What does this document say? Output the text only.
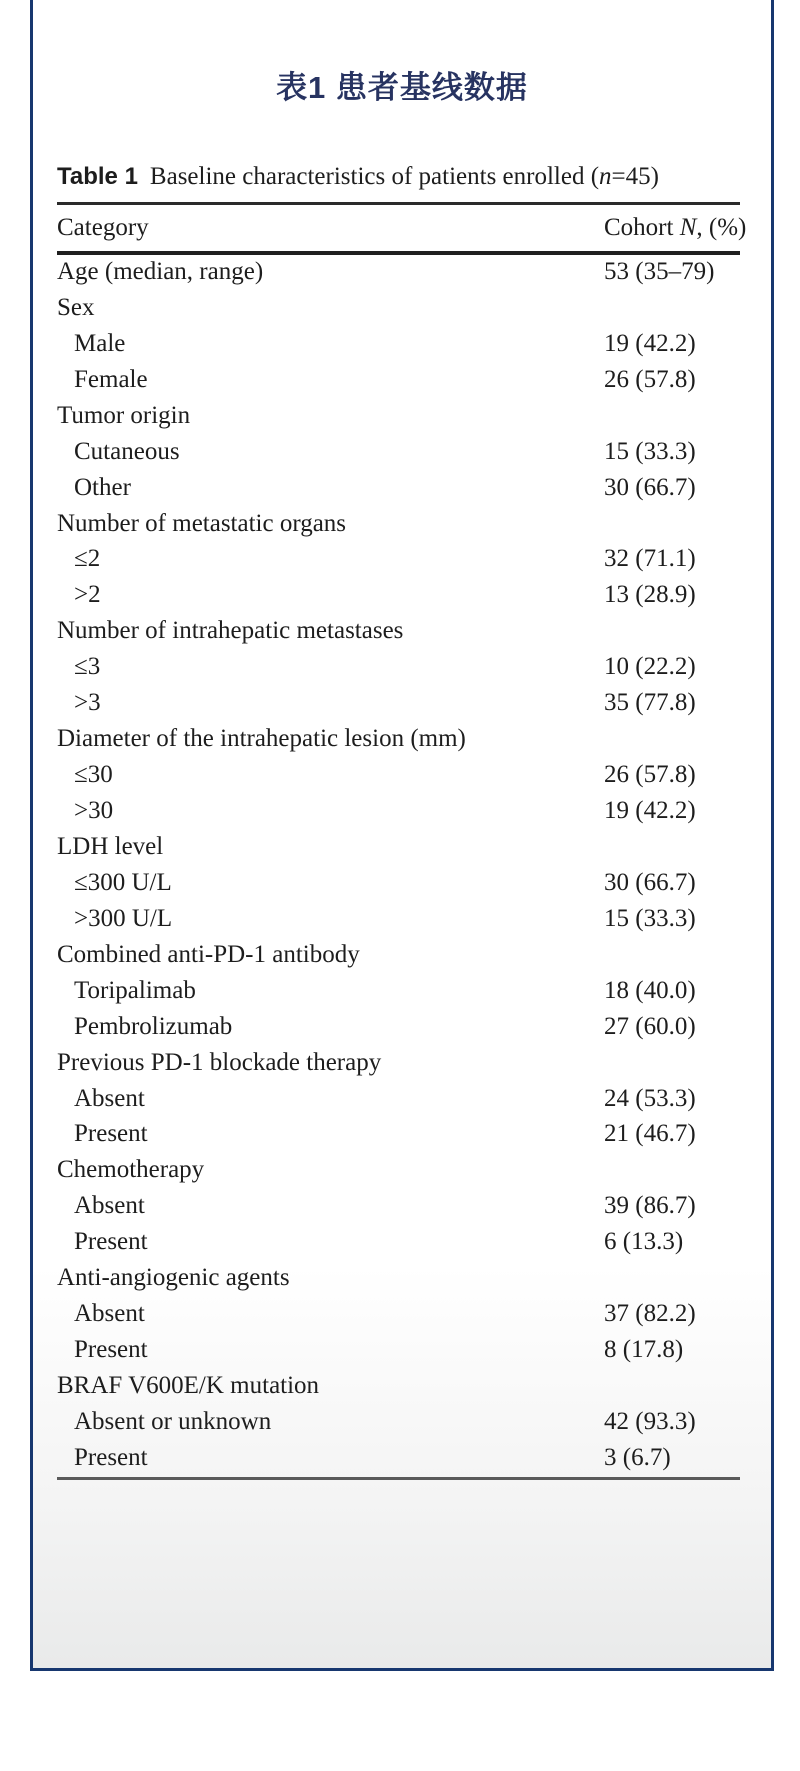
表1 患者基线数据
Table 1 Baseline characteristics of patients enrolled (n=45)
Category	Cohort N, (%)
Age (median, range)	53 (35–79)
Sex
Male	19 (42.2)
Female	26 (57.8)
Tumor origin
Cutaneous	15 (33.3)
Other	30 (66.7)
Number of metastatic organs
≤2	32 (71.1)
>2	13 (28.9)
Number of intrahepatic metastases
≤3	10 (22.2)
>3	35 (77.8)
Diameter of the intrahepatic lesion (mm)
≤30	26 (57.8)
>30	19 (42.2)
LDH level
≤300 U/L	30 (66.7)
>300 U/L	15 (33.3)
Combined anti-PD-1 antibody
Toripalimab	18 (40.0)
Pembrolizumab	27 (60.0)
Previous PD-1 blockade therapy
Absent	24 (53.3)
Present	21 (46.7)
Chemotherapy
Absent	39 (86.7)
Present	6 (13.3)
Anti-angiogenic agents
Absent	37 (82.2)
Present	8 (17.8)
BRAF V600E/K mutation
Absent or unknown	42 (93.3)
Present	3 (6.7)
